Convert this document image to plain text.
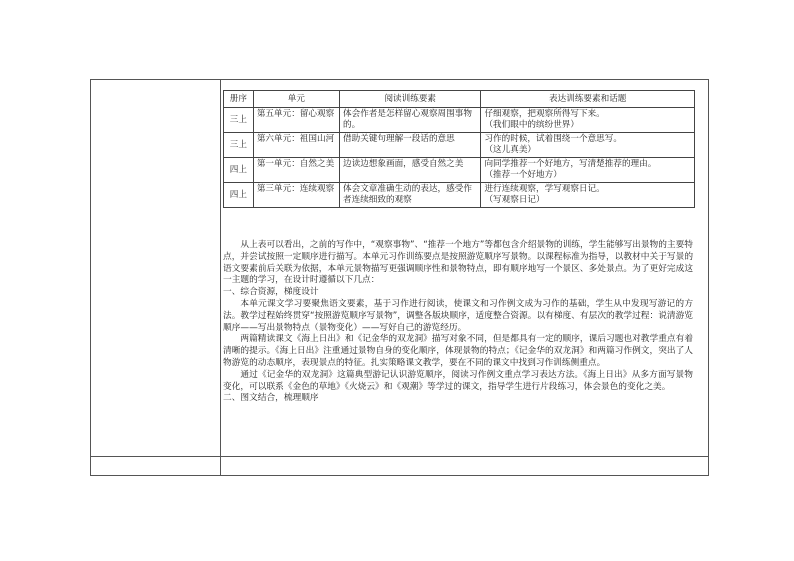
册序	单元	阅读训练要素	表达训练要素和话题
三上	第五单元：留心观察	体会作者是怎样留心观察周围事物的。	仔细观察，把观察所得写下来。
（我们眼中的缤纷世界）

三上	第六单元：祖国山河	借助关键句理解一段话的意思	习作的时候，试着围绕一个意思写。
（这儿真美）

四上	第一单元：自然之美	边读边想象画面，感受自然之美	向同学推荐一个好地方，写清楚推荐的理由。
（推荐一个好地方）

四上	第三单元：连续观察	体会文章准确生动的表达，感受作者连续细致的观察	进行连续观察，学写观察日记。
（写观察日记）

从上表可以看出，之前的写作中，“观察事物”、“推荐一个地方”等都包含介绍景物的训练，学生能够写出景物的主要特点，并尝试按照一定顺序进行描写。本单元习作训练要点是按照游览顺序写景物。以课程标准为指导，以教材中关于写景的语文要素前后关联为依据，本单元景物描写更强调顺序性和景物特点，即有顺序地写一个景区、多处景点。为了更好完成这一主题的学习，在设计时遵循以下几点：

一、综合资源，梯度设计

本单元课文学习要聚焦语文要素，基于习作进行阅读，使课文和习作例文成为习作的基础，学生从中发现写游记的方法。教学过程始终贯穿“按照游览顺序写景物”，调整各版块顺序，适度整合资源。以有梯度、有层次的教学过程：说清游览顺序——写出景物特点（景物变化）——写好自己的游览经历。

两篇精读课文《海上日出》和《记金华的双龙洞》描写对象不同，但是都具有一定的顺序，课后习题也对教学重点有着清晰的提示。《海上日出》注重通过景物自身的变化顺序，体现景物的特点；《记金华的双龙洞》和两篇习作例文，突出了人物游览的动态顺序，表现景点的特征。扎实策略课文教学，要在不同的课文中找到习作训练侧重点。

通过《记金华的双龙洞》这篇典型游记认识游览顺序，阅读习作例文重点学习表达方法。《海上日出》从多方面写景物变化，可以联系《金色的草地》《火烧云》和《观潮》等学过的课文，指导学生进行片段练习，体会景色的变化之美。

二、图文结合，梳理顺序
